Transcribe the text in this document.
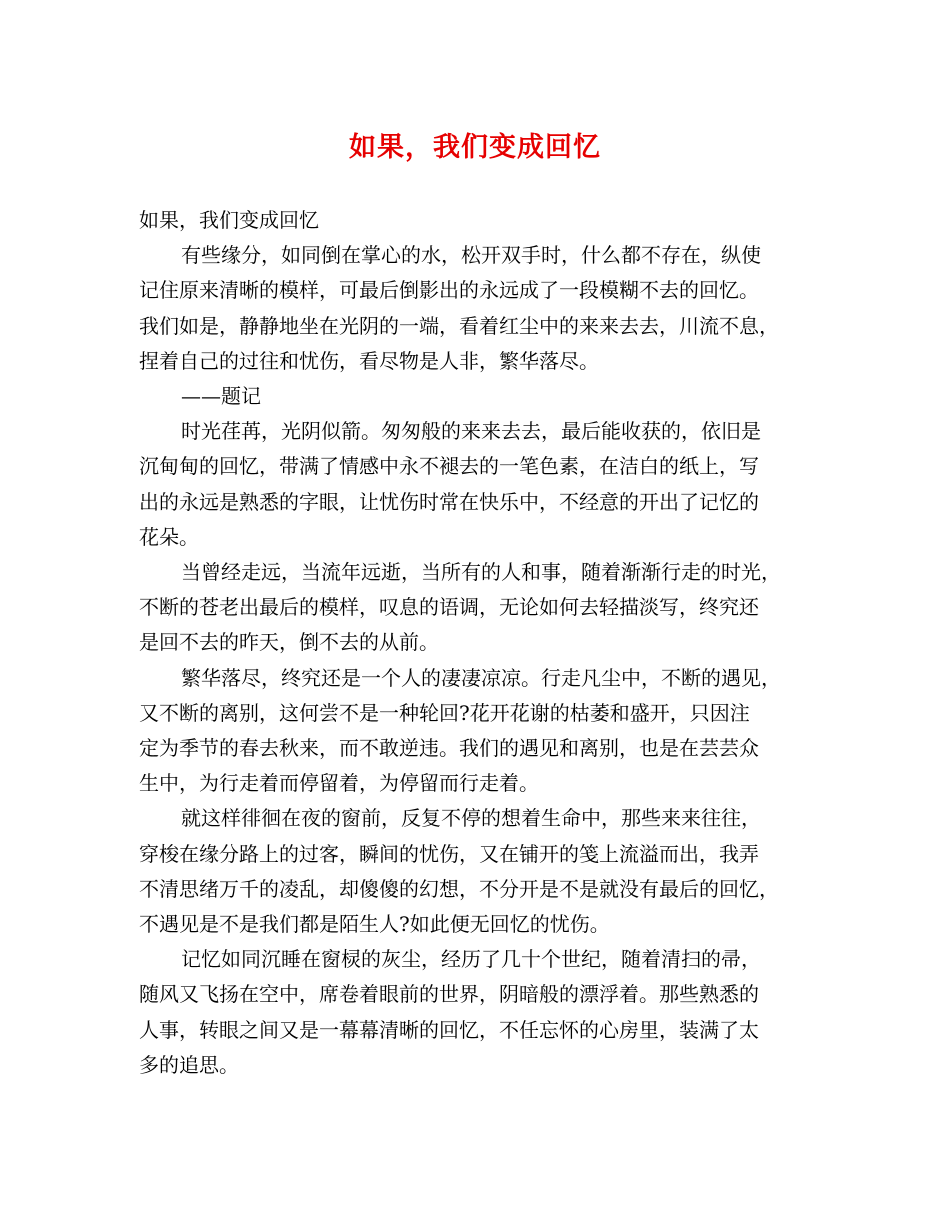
如果，我们变成回忆
如果，我们变成回忆
有些缘分，如同倒在掌心的水，松开双手时，什么都不存在，纵使
记住原来清晰的模样，可最后倒影出的永远成了一段模糊不去的回忆。
我们如是，静静地坐在光阴的一端，看着红尘中的来来去去，川流不息，
捏着自己的过往和忧伤，看尽物是人非，繁华落尽。
——题记
时光荏苒，光阴似箭。匆匆般的来来去去，最后能收获的，依旧是
沉甸甸的回忆，带满了情感中永不褪去的一笔色素，在洁白的纸上，写
出的永远是熟悉的字眼，让忧伤时常在快乐中，不经意的开出了记忆的
花朵。
当曾经走远，当流年远逝，当所有的人和事，随着渐渐行走的时光，
不断的苍老出最后的模样，叹息的语调，无论如何去轻描淡写，终究还
是回不去的昨天，倒不去的从前。
繁华落尽，终究还是一个人的凄凄凉凉。行走凡尘中，不断的遇见，
又不断的离别，这何尝不是一种轮回?花开花谢的枯萎和盛开，只因注
定为季节的春去秋来，而不敢逆违。我们的遇见和离别，也是在芸芸众
生中，为行走着而停留着，为停留而行走着。
就这样徘徊在夜的窗前，反复不停的想着生命中，那些来来往往，
穿梭在缘分路上的过客，瞬间的忧伤，又在铺开的笺上流溢而出，我弄
不清思绪万千的凌乱，却傻傻的幻想，不分开是不是就没有最后的回忆，
不遇见是不是我们都是陌生人?如此便无回忆的忧伤。
记忆如同沉睡在窗棂的灰尘，经历了几十个世纪，随着清扫的帚，
随风又飞扬在空中，席卷着眼前的世界，阴暗般的漂浮着。那些熟悉的
人事，转眼之间又是一幕幕清晰的回忆，不任忘怀的心房里，装满了太
多的追思。
